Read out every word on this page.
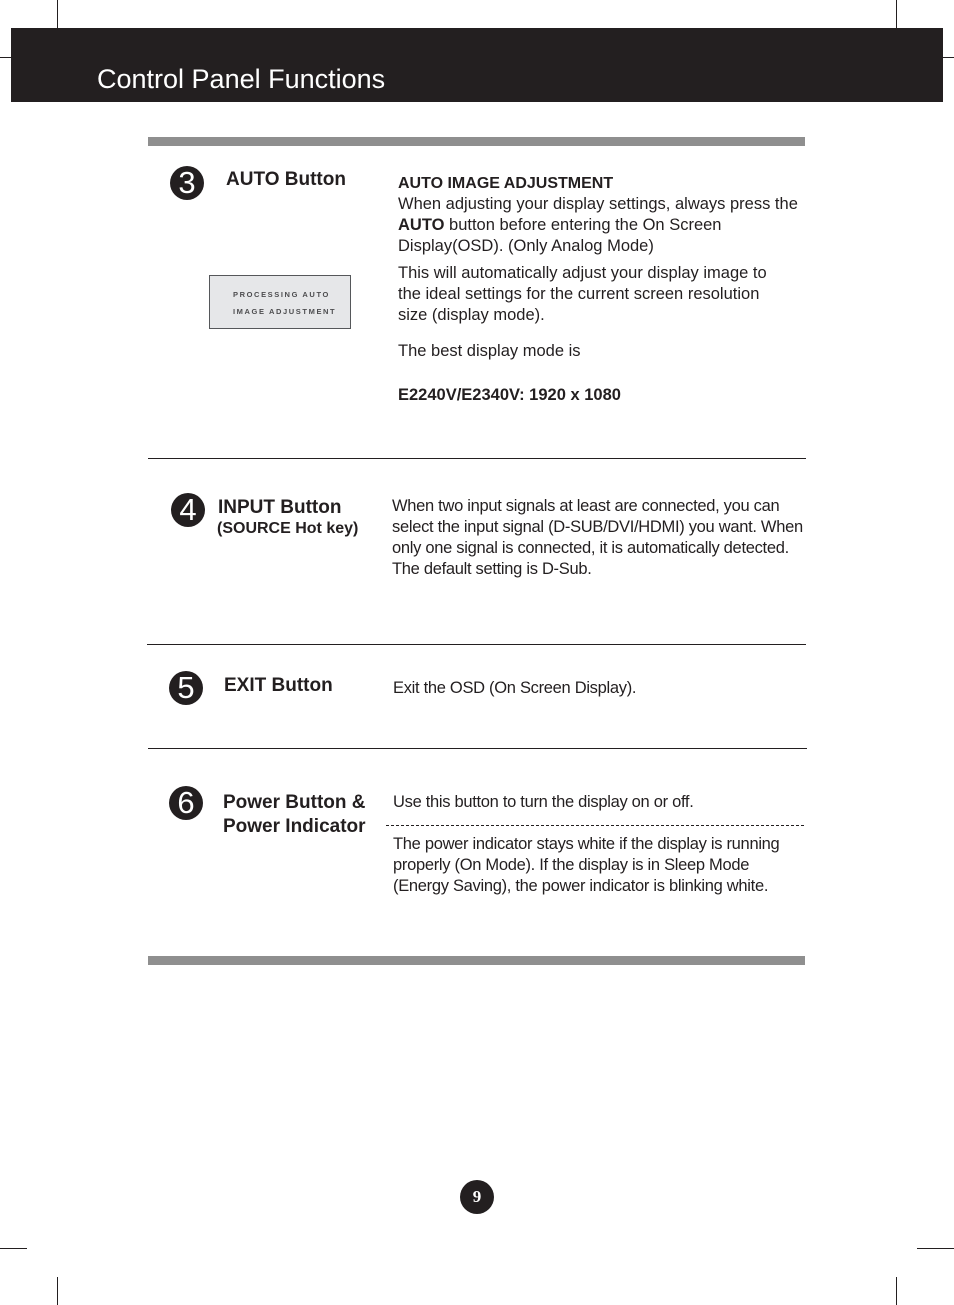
Control Panel Functions
3	AUTO Button	AUTO IMAGE ADJUSTMENT
When adjusting your display settings, always press the AUTO button before entering the On Screen Display(OSD). (Only Analog Mode)
This will automatically adjust your display image to the ideal settings for the current screen resolution size (display mode).
The best display mode is
E2240V/E2340V: 1920 x 1080
PROCESSING AUTO
IMAGE ADJUSTMENT
4	INPUT Button
(SOURCE Hot key)
When two input signals at least are connected, you can select the input signal (D-SUB/DVI/HDMI) you want. When only one signal is connected, it is automatically detected. The default setting is D-Sub.
5	EXIT Button	Exit the OSD (On Screen Display).
6	Power Button &
Power Indicator
Use this button to turn the display on or off.
The power indicator stays white if the display is running properly (On Mode). If the display is in Sleep Mode (Energy Saving), the power indicator is blinking white.
9
